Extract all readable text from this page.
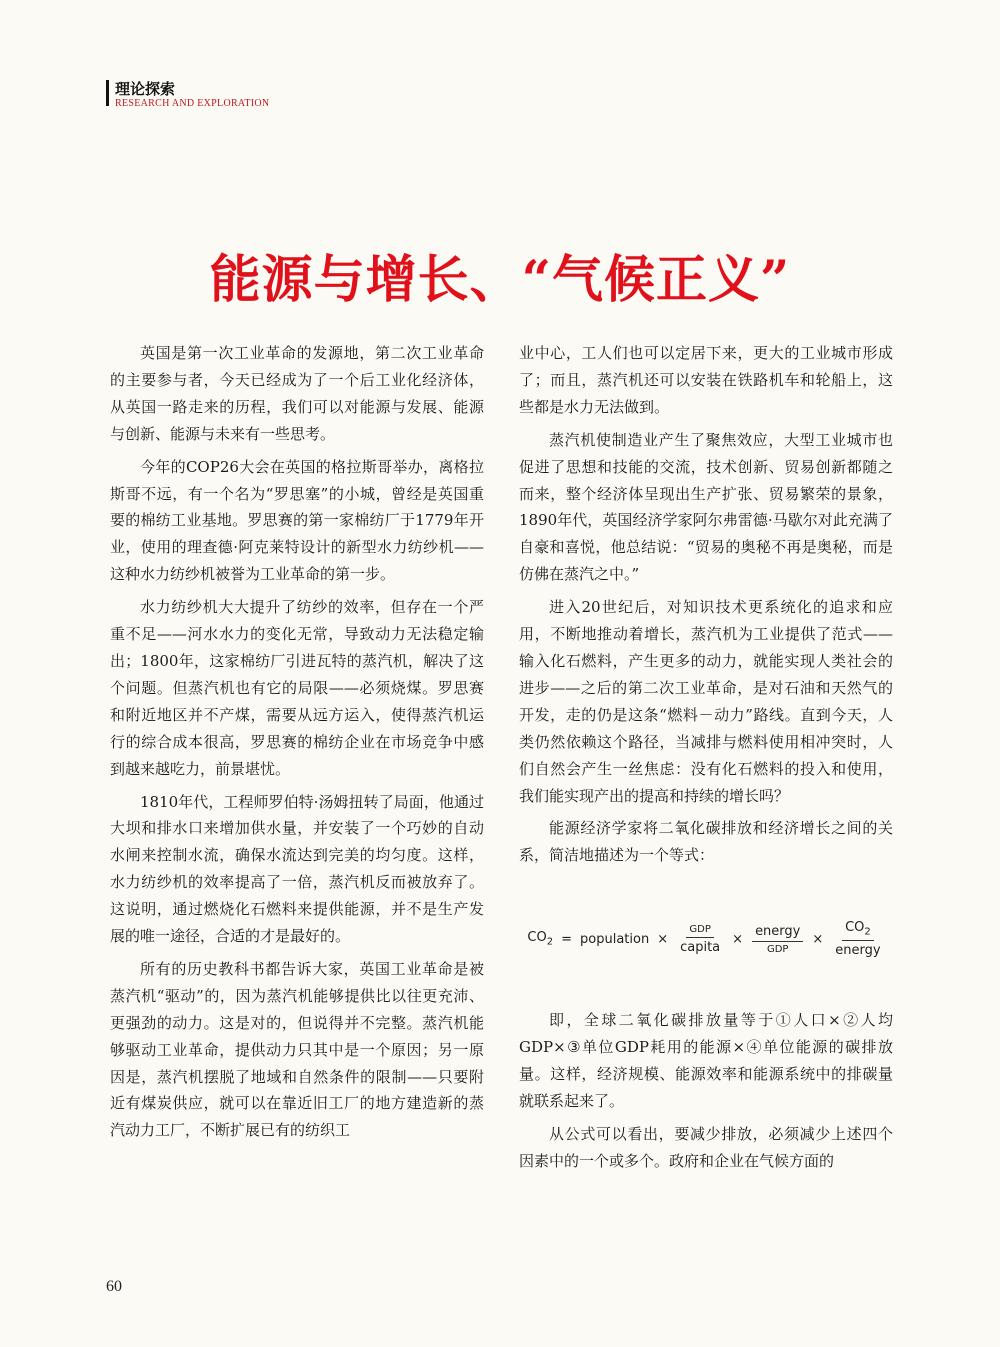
理论探索
RESEARCH AND EXPLORATION
能源与增长、“气候正义”

英国是第一次工业革命的发源地，第二次工业革命的主要参与者，今天已经成为了一个后工业化经济体，从英国一路走来的历程，我们可以对能源与发展、能源与创新、能源与未来有一些思考。

今年的COP26大会在英国的格拉斯哥举办，离格拉斯哥不远，有一个名为“罗思塞”的小城，曾经是英国重要的棉纺工业基地。罗思赛的第一家棉纺厂于1779年开业，使用的理查德·阿克莱特设计的新型水力纺纱机——这种水力纺纱机被誉为工业革命的第一步。

水力纺纱机大大提升了纺纱的效率，但存在一个严重不足——河水水力的变化无常，导致动力无法稳定输出；1800年，这家棉纺厂引进瓦特的蒸汽机，解决了这个问题。但蒸汽机也有它的局限——必须烧煤。罗思赛和附近地区并不产煤，需要从远方运入，使得蒸汽机运行的综合成本很高，罗思赛的棉纺企业在市场竞争中感到越来越吃力，前景堪忧。

1810年代，工程师罗伯特·汤姆扭转了局面，他通过大坝和排水口来增加供水量，并安装了一个巧妙的自动水闸来控制水流，确保水流达到完美的均匀度。这样，水力纺纱机的效率提高了一倍，蒸汽机反而被放弃了。这说明，通过燃烧化石燃料来提供能源，并不是生产发展的唯一途径，合适的才是最好的。

所有的历史教科书都告诉大家，英国工业革命是被蒸汽机“驱动”的，因为蒸汽机能够提供比以往更充沛、更强劲的动力。这是对的，但说得并不完整。蒸汽机能够驱动工业革命，提供动力只其中是一个原因；另一原因是，蒸汽机摆脱了地域和自然条件的限制——只要附近有煤炭供应，就可以在靠近旧工厂的地方建造新的蒸汽动力工厂，不断扩展已有的纺织工

业中心，工人们也可以定居下来，更大的工业城市形成了；而且，蒸汽机还可以安装在铁路机车和轮船上，这些都是水力无法做到。

蒸汽机使制造业产生了聚焦效应，大型工业城市也促进了思想和技能的交流，技术创新、贸易创新都随之而来，整个经济体呈现出生产扩张、贸易繁荣的景象，1890年代，英国经济学家阿尔弗雷德·马歇尔对此充满了自豪和喜悦，他总结说：“贸易的奥秘不再是奥秘，而是仿佛在蒸汽之中。”

进入20世纪后，对知识技术更系统化的追求和应用，不断地推动着增长，蒸汽机为工业提供了范式——输入化石燃料，产生更多的动力，就能实现人类社会的进步——之后的第二次工业革命，是对石油和天然气的开发，走的仍是这条“燃料－动力”路线。直到今天，人类仍然依赖这个路径，当减排与燃料使用相冲突时，人们自然会产生一丝焦虑：没有化石燃料的投入和使用，我们能实现产出的提高和持续的增长吗？

能源经济学家将二氧化碳排放和经济增长之间的关系，简洁地描述为一个等式：

$CO_2$ = population × $\frac{\text{GDP}}{\text{capita}} \times \frac{\text{energy}}{\text{GDP}} \times \frac{CO_2}{\text{energy}}$

即，全球二氧化碳排放量等于①人口×②人均GDP×③单位GDP耗用的能源×④单位能源的碳排放量。这样，经济规模、能源效率和能源系统中的排碳量就联系起来了。

从公式可以看出，要减少排放，必须减少上述四个因素中的一个或多个。政府和企业在气候方面的

60
